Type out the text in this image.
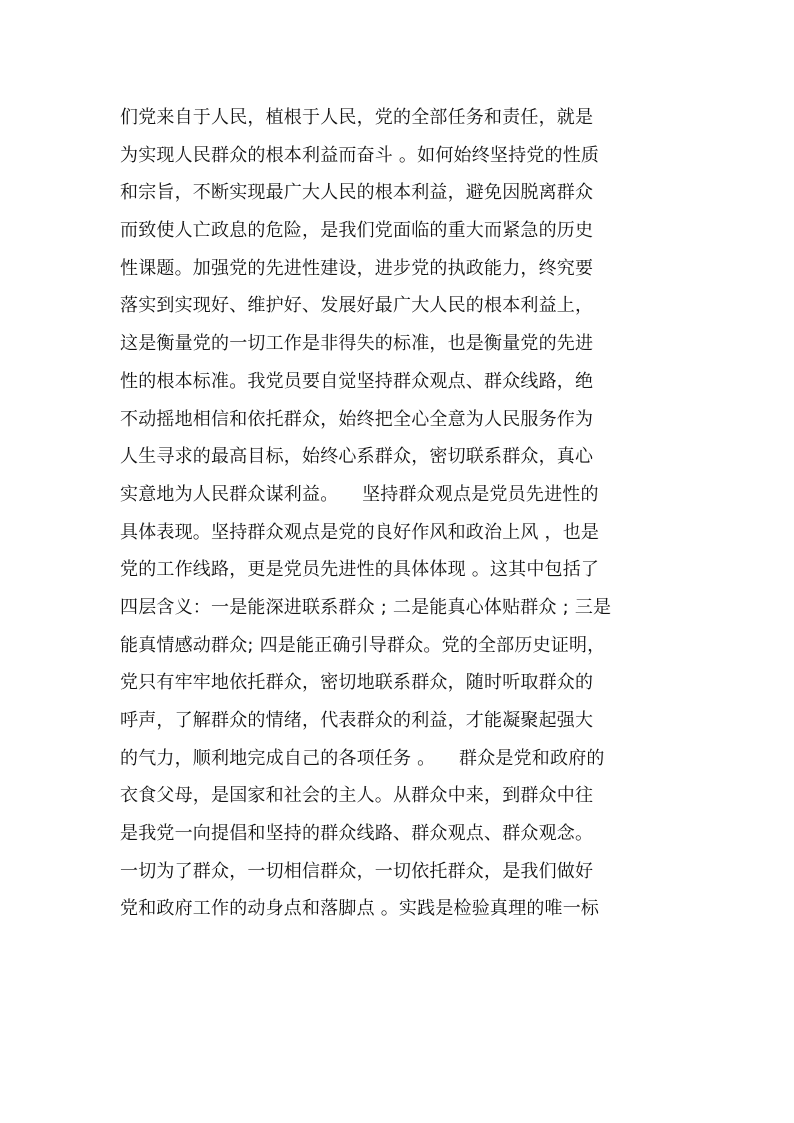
们党来自于人民，植根于人民，党的全部任务和责任，就是
为实现人民群众的根本利益而奋斗 。如何始终坚持党的性质
和宗旨，不断实现最广大人民的根本利益，避免因脱离群众
而致使人亡政息的危险，是我们党面临的重大而紧急的历史
性课题。加强党的先进性建设，进步党的执政能力，终究要
落实到实现好、维护好、发展好最广大人民的根本利益上，
这是衡量党的一切工作是非得失的标准，也是衡量党的先进
性的根本标准。我党员要自觉坚持群众观点、群众线路，绝
不动摇地相信和依托群众，始终把全心全意为人民服务作为
人生寻求的最高目标，始终心系群众，密切联系群众，真心
实意地为人民群众谋利益。    坚持群众观点是党员先进性的
具体表现。坚持群众观点是党的良好作风和政治上风 ，也是
党的工作线路，更是党员先进性的具体体现 。这其中包括了
四层含义：一是能深进联系群众 ; 二是能真心体贴群众 ; 三是
能真情感动群众; 四是能正确引导群众。党的全部历史证明，
党只有牢牢地依托群众，密切地联系群众，随时听取群众的
呼声，了解群众的情绪，代表群众的利益，才能凝聚起强大
的气力，顺利地完成自己的各项任务 。    群众是党和政府的
衣食父母，是国家和社会的主人。从群众中来，到群众中往
是我党一向提倡和坚持的群众线路、群众观点、群众观念。
一切为了群众，一切相信群众，一切依托群众，是我们做好
党和政府工作的动身点和落脚点 。实践是检验真理的唯一标
